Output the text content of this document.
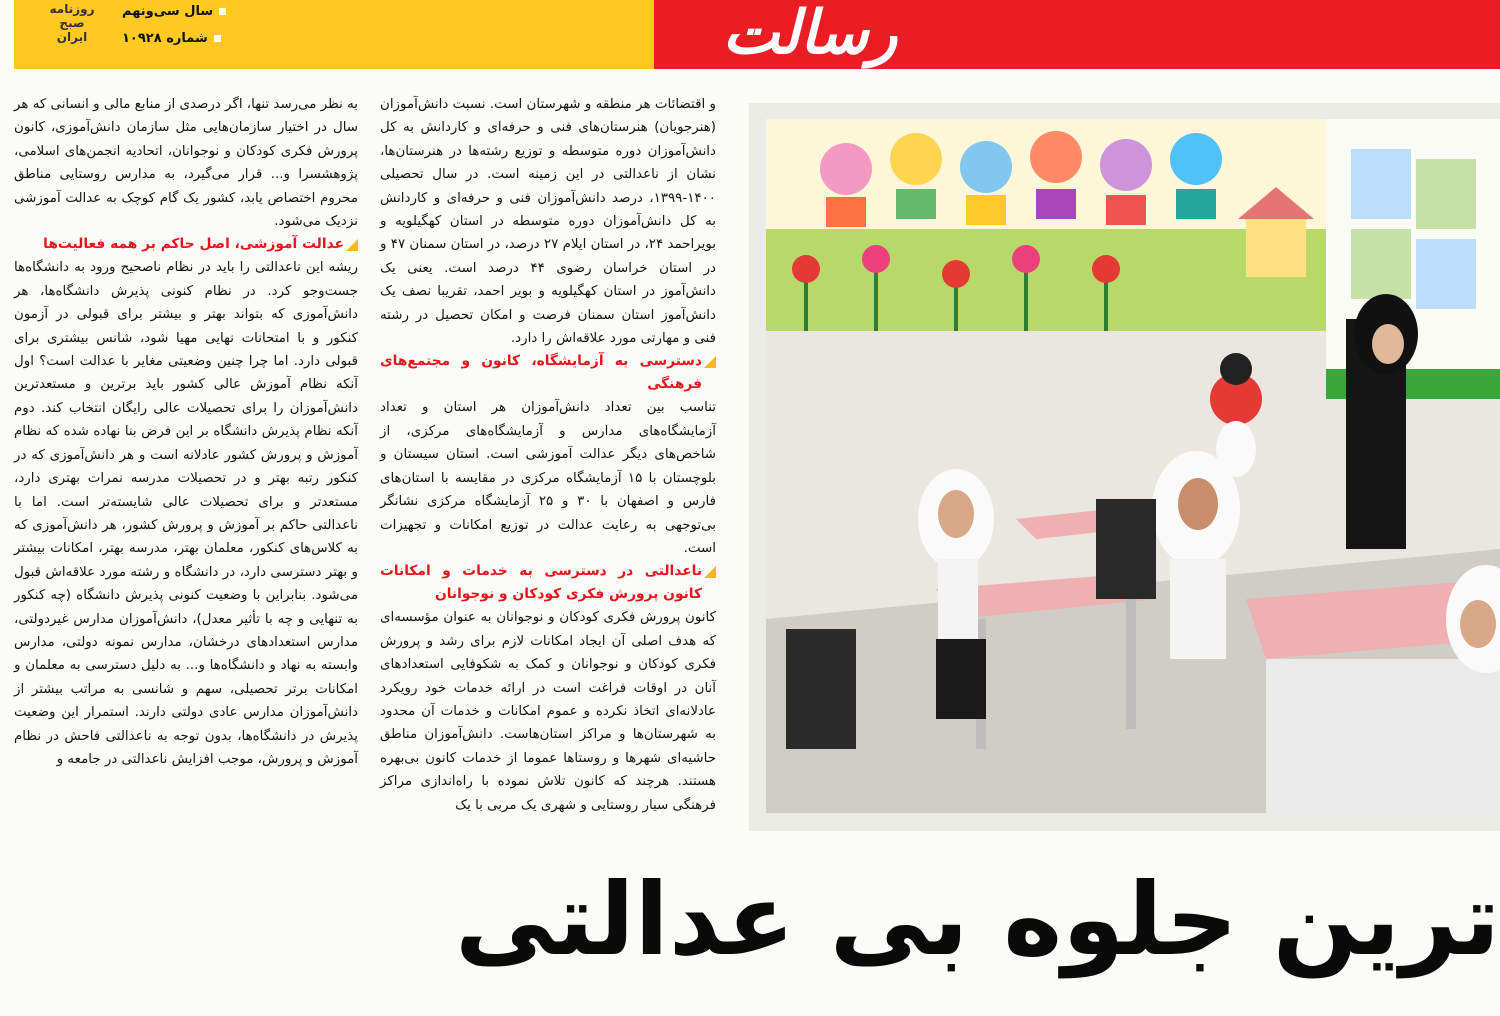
رسالت
سال سی‌ونهم
شماره ۱۰۹۲۸
روزنامه
صبح
ایران

و اقتضائات هر منطقه و شهرستان است. نسبت دانش‌آموزان (هنرجویان) هنرستان‌های فنی و حرفه‌ای و کاردانش به کل دانش‌آموزان دوره متوسطه و توزیع رشته‌ها در هنرستان‌ها، نشان از ناعدالتی در این زمینه است. در سال تحصیلی ۱۴۰۰-۱۳۹۹، درصد دانش‌آموزان فنی و حرفه‌ای و کاردانش به کل دانش‌آموزان دوره متوسطه در استان کهگیلویه و بویراحمد ۲۴، در استان ایلام ۲۷ درصد، در استان سمنان ۴۷ و در استان خراسان رضوی ۴۴ درصد است. یعنی یک دانش‌آموز در استان کهگیلویه و بویر احمد، تقریبا نصف یک دانش‌آموز استان سمنان فرصت و امکان تحصیل در رشته فنی و مهارتی مورد علاقه‌اش را دارد.

دسترسی به آزمایشگاه، کانون و مجتمع‌های فرهنگی

تناسب بین تعداد دانش‌آموزان هر استان و تعداد آزمایشگاه‌های مدارس و آزمایشگاه‌های مرکزی، از شاخص‌های دیگر عدالت آموزشی است. استان سیستان و بلوچستان با ۱۵ آزمایشگاه مرکزی در مقایسه با استان‌های فارس و اصفهان با ۳۰ و ۲۵ آزمایشگاه مرکزی نشانگر بی‌توجهی به رعایت عدالت در توزیع امکانات و تجهیزات است.

ناعدالتی در دسترسی به خدمات و امکانات کانون پرورش فکری کودکان و نوجوانان

کانون پرورش فکری کودکان و نوجوانان به عنوان مؤسسه‌ای که هدف اصلی آن ایجاد امکانات لازم برای رشد و پرورش فکری کودکان و نوجوانان و کمک به شکوفایی استعدادهای آنان در اوقات فراغت است در ارائه خدمات خود رویکرد عادلانه‌ای اتخاذ نکرده و عموم امکانات و خدمات آن محدود به شهرستان‌ها و مراکز استان‌هاست. دانش‌آموزان مناطق حاشیه‌ای شهرها و روستاها عموما از خدمات کانون بی‌بهره هستند. هرچند که کانون تلاش نموده با راه‌اندازی مراکز فرهنگی سیار روستایی و شهری یک مربی با یک

به نظر می‌رسد تنها، اگر درصدی از منابع مالی و انسانی که هر سال در اختیار سازمان‌هایی مثل سازمان دانش‌آموزی، کانون پرورش فکری کودکان و نوجوانان، اتحادیه انجمن‌های اسلامی، پژوهشسرا و... قرار می‌گیرد، به مدارس روستایی مناطق محروم اختصاص یابد، کشور یک گام کوچک به عدالت آموزشی نزدیک می‌شود.

عدالت آموزشی، اصل حاکم بر همه فعالیت‌ها

ریشه این ناعدالتی را باید در نظام ناصحیح ورود به دانشگاه‌ها جست‌وجو کرد. در نظام کنونی پذیرش دانشگاه‌ها، هر دانش‌آموزی که بتواند بهتر و بیشتر برای قبولی در آزمون کنکور و با امتحانات نهایی مهیا شود، شانس بیشتری برای قبولی دارد. اما چرا چنین وضعیتی مغایر با عدالت است؟ اول آنکه نظام آموزش عالی کشور باید برترین و مستعدترین دانش‌آموزان را برای تحصیلات عالی رایگان انتخاب کند. دوم آنکه نظام پذیرش دانشگاه بر این فرض بنا نهاده شده که نظام آموزش و پرورش کشور عادلانه است و هر دانش‌آموزی که در کنکور رتبه بهتر و در تحصیلات مدرسه نمرات بهتری دارد، مستعدتر و برای تحصیلات عالی شایسته‌تر است. اما با ناعدالتی حاکم بر آموزش و پرورش کشور، هر دانش‌آموزی که به کلاس‌های کنکور، معلمان بهتر، مدرسه بهتر، امکانات بیشتر و بهتر دسترسی دارد، در دانشگاه و رشته مورد علاقه‌اش قبول می‌شود. بنابراین با وضعیت کنونی پذیرش دانشگاه (چه کنکور به تنهایی و چه با تأثیر معدل)، دانش‌آموزان مدارس غیردولتی، مدارس استعدادهای درخشان، مدارس نمونه دولتی، مدارس وابسته به نهاد و دانشگاه‌ها و... به دلیل دسترسی به معلمان و امکانات برتر تحصیلی، سهم و شانسی به مراتب بیشتر از دانش‌آموزان مدارس عادی دولتی دارند. استمرار این وضعیت پذیرش در دانشگاه‌ها، بدون توجه به ناعدالتی فاحش در نظام آموزش و پرورش، موجب افزایش ناعدالتی در جامعه و

ترین جلوه بی عدالتی
